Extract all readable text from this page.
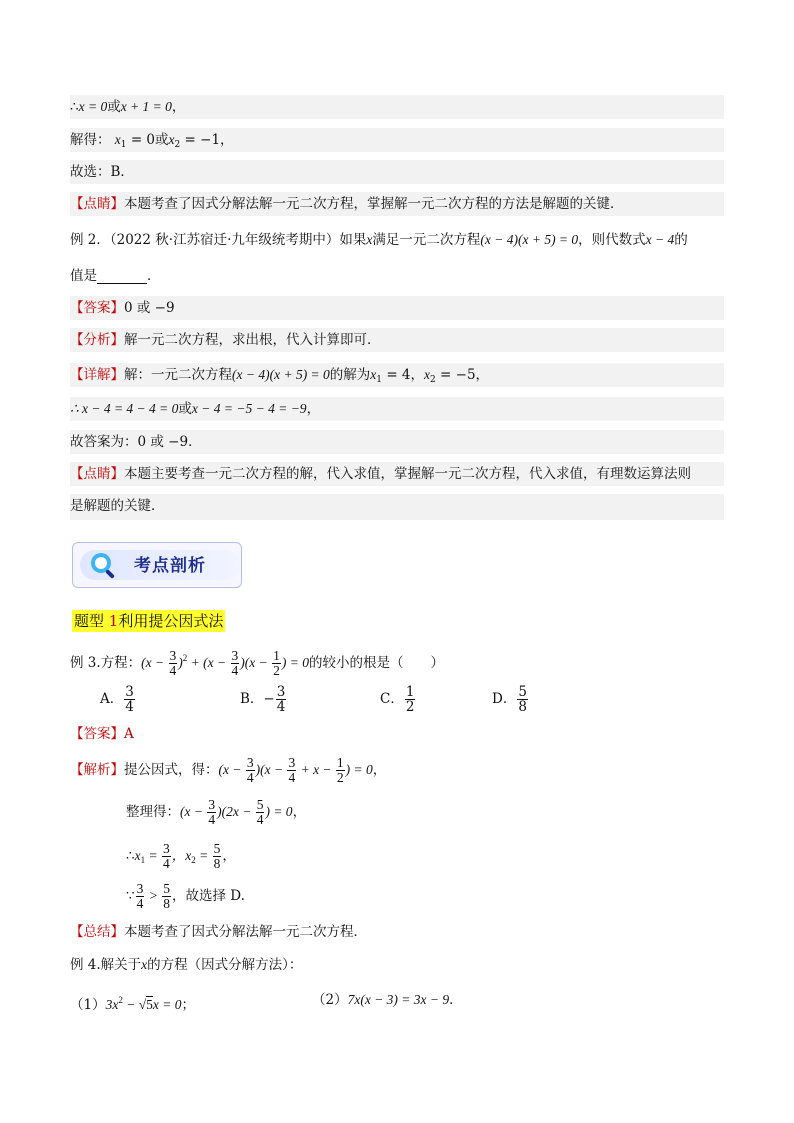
∴x = 0或x + 1 = 0，
解得： $x_1 = 0$或$x_2 = -1$，
故选：B．
【点睛】本题考查了因式分解法解一元二次方程，掌握解一元二次方程的方法是解题的关键．
例 2．（2022 秋·江苏宿迁·九年级统考期中）如果x满足一元二次方程(x − 4)(x + 5) = 0，则代数式x − 4的
值是	．
【答案】0 或 −9
【分析】解一元二次方程，求出根，代入计算即可．
【详解】解：一元二次方程(x − 4)(x + 5) = 0的解为$x_1 = 4$，$x_2 = -5$，
∴ x − 4 = 4 − 4 = 0或x − 4 = −5 − 4 = −9，
故答案为：0 或 −9．
【点睛】本题主要考查一元二次方程的解，代入求值，掌握解一元二次方程，代入求值，有理数运算法则
是解题的关键．
考点剖析
题型 1利用提公因式法
例 3.方程：$(x - \frac{3}{4} )^2 + (x - \frac{3}{4} )(x - \frac{1}{2}$ ) = 0的较小的根是（　　）
A． $\frac{3}{4}$	B．− $\frac{3}{4}$	C． $\frac{1}{2}$	D． $\frac{5}{8}$
【答案】A
【解析】提公因式，得：$(x - \frac{3}{4} )(x - \frac{3}{4} + x - \frac{1}{2}$ ) = 0，
整理得：$(x - \frac{3}{4} )(2x - \frac{5}{4}$ ) = 0，
$\therefore x_1 = \frac{3}{4}$ ，$x_2 = \frac{5}{8}$ ，
∵ $\frac{3}{4} > \frac{5}{8}$ ，故选择 D.
【总结】本题考查了因式分解法解一元二次方程．
例 4.解关于x的方程（因式分解方法）：
$(1)3x^2 - √5x = 0$；	（2）7x(x − 3) = 3x − 9．
